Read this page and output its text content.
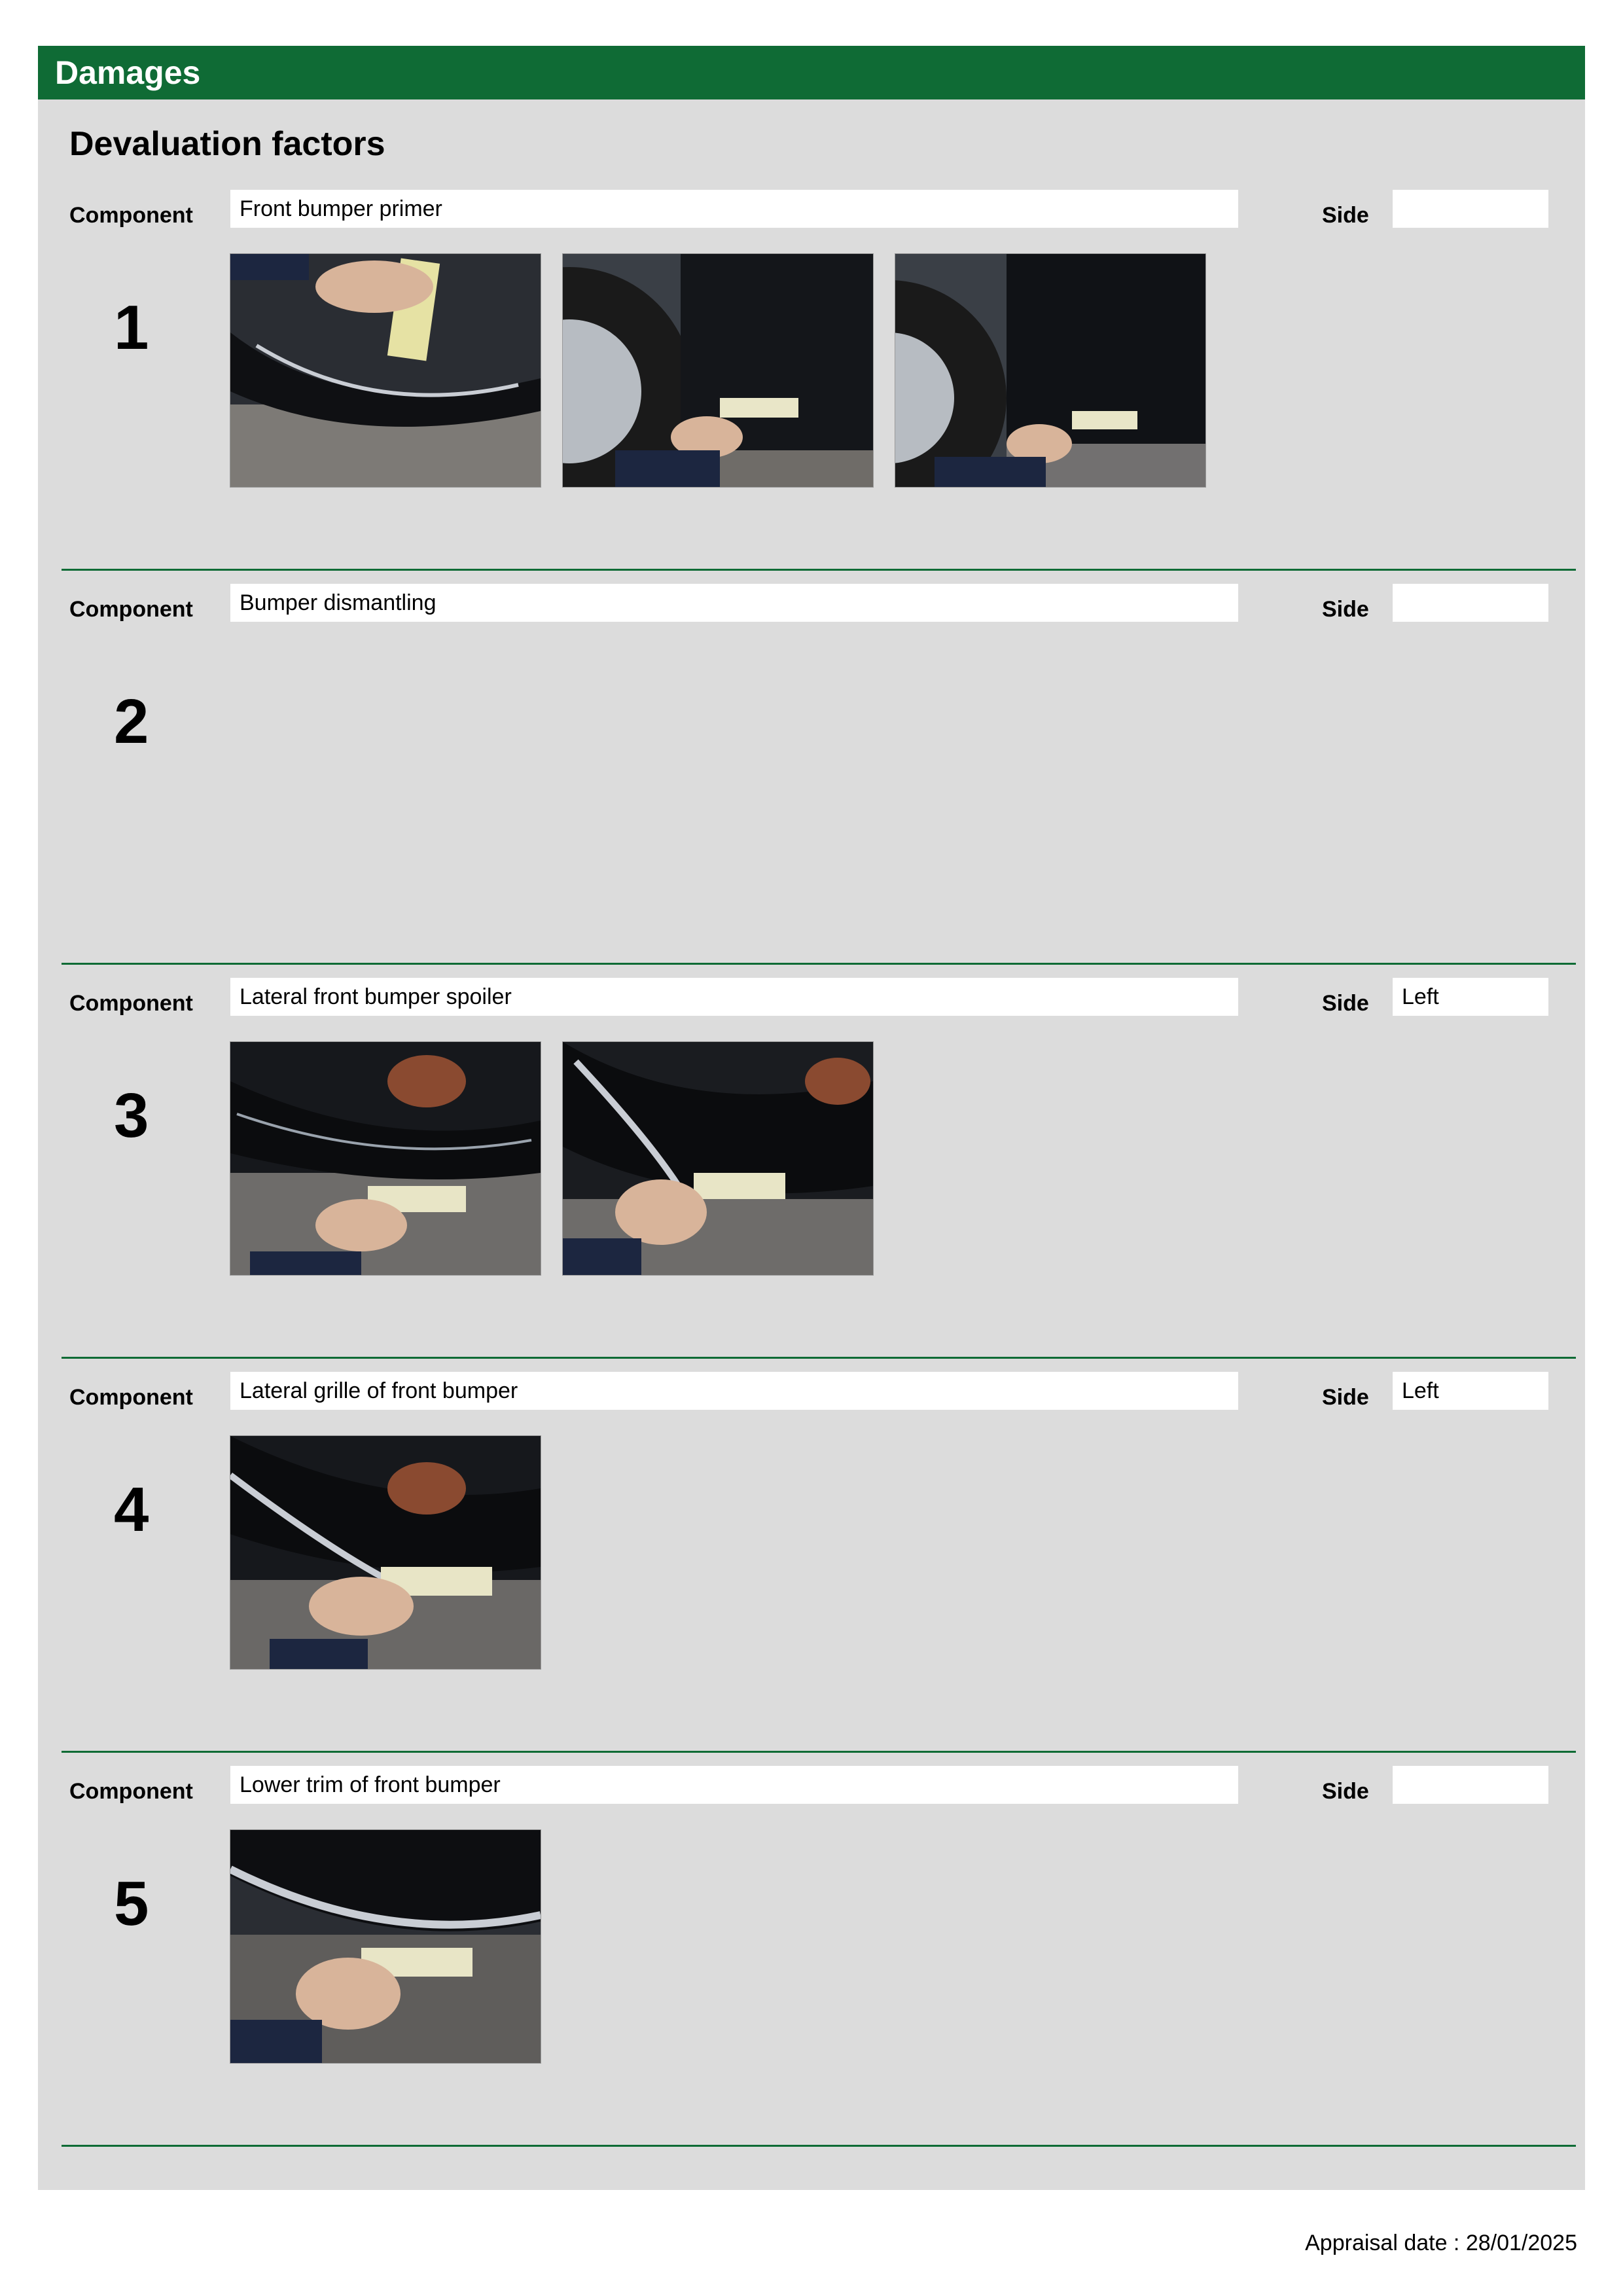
Damages
Devaluation factors
Component	Front bumper primer	Side
1
Component	Bumper dismantling	Side
2
Component	Lateral front bumper spoiler	Side	Left
3
Component	Lateral grille of front bumper	Side	Left
4
Component	Lower trim of front bumper	Side
5
Appraisal date : 28/01/2025
